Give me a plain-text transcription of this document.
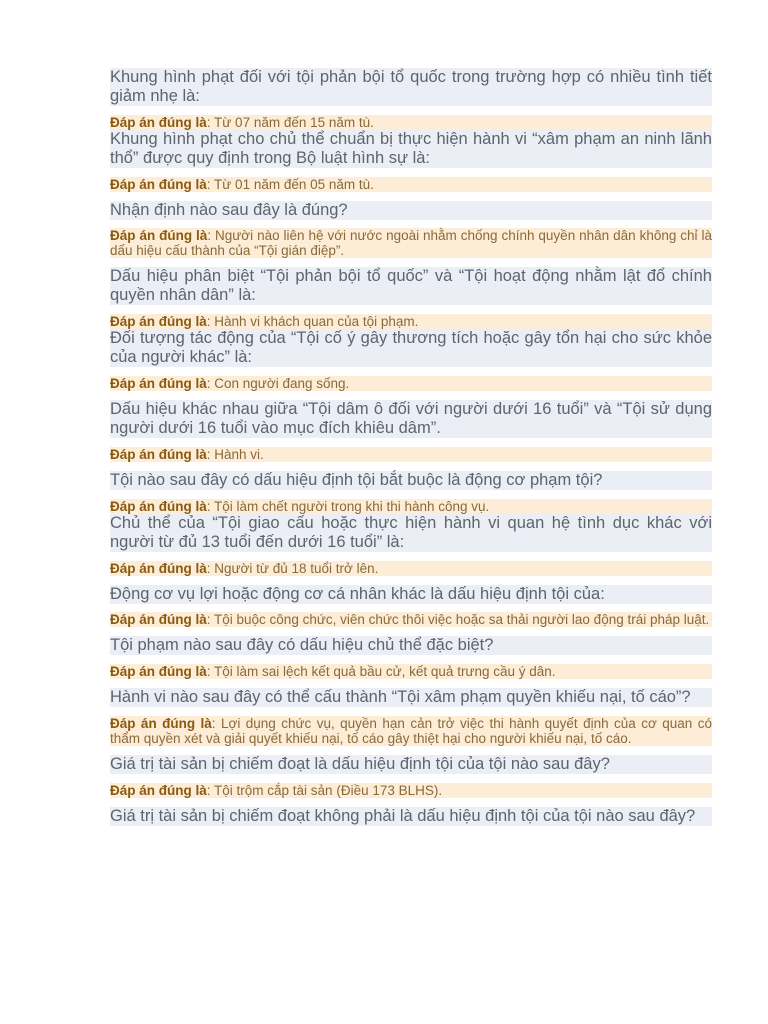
Khung hình phạt đối với tội phản bội tổ quốc trong trường hợp có nhiều tình tiết giảm nhẹ là:

Đáp án đúng là: Từ 07 năm đến 15 năm tù.

Khung hình phạt cho chủ thể chuẩn bị thực hiện hành vi “xâm phạm an ninh lãnh thổ” được quy định trong Bộ luật hình sự là:

Đáp án đúng là: Từ 01 năm đến 05 năm tù.

Nhận định nào sau đây là đúng?

Đáp án đúng là: Người nào liên hệ với nước ngoài nhằm chống chính quyền nhân dân không chỉ là dấu hiệu cấu thành của “Tội gián điệp”.

Dấu hiệu phân biệt “Tội phản bội tổ quốc” và “Tội hoạt động nhằm lật đổ chính quyền nhân dân” là:

Đáp án đúng là: Hành vi khách quan của tội phạm.

Đối tượng tác động của “Tội cố ý gây thương tích hoặc gây tổn hại cho sức khỏe của người khác” là:

Đáp án đúng là: Con người đang sống.

Dấu hiệu khác nhau giữa “Tội dâm ô đối với người dưới 16 tuổi” và “Tội sử dụng người dưới 16 tuổi vào mục đích khiêu dâm”.

Đáp án đúng là: Hành vi.

Tội nào sau đây có dấu hiệu định tội bắt buộc là động cơ phạm tội?

Đáp án đúng là: Tội làm chết người trong khi thi hành công vụ.

Chủ thể của “Tội giao cấu hoặc thực hiện hành vi quan hệ tình dục khác với người từ đủ 13 tuổi đến dưới 16 tuổi” là:

Đáp án đúng là: Người từ đủ 18 tuổi trở lên.

Động cơ vụ lợi hoặc động cơ cá nhân khác là dấu hiệu định tội của:

Đáp án đúng là: Tội buộc công chức, viên chức thôi việc hoặc sa thải người lao động trái pháp luật.

Tội phạm nào sau đây có dấu hiệu chủ thể đặc biệt?

Đáp án đúng là: Tội làm sai lệch kết quả bầu cử, kết quả trưng cầu ý dân.

Hành vi nào sau đây có thể cấu thành “Tội xâm phạm quyền khiếu nại, tố cáo”?

Đáp án đúng là: Lợi dụng chức vụ, quyền hạn cản trở việc thi hành quyết định của cơ quan có thẩm quyền xét và giải quyết khiếu nại, tố cáo gây thiệt hại cho người khiếu nại, tố cáo.

Giá trị tài sản bị chiếm đoạt là dấu hiệu định tội của tội nào sau đây?

Đáp án đúng là: Tội trộm cắp tài sản (Điều 173 BLHS).

Giá trị tài sản bị chiếm đoạt không phải là dấu hiệu định tội của tội nào sau đây?
